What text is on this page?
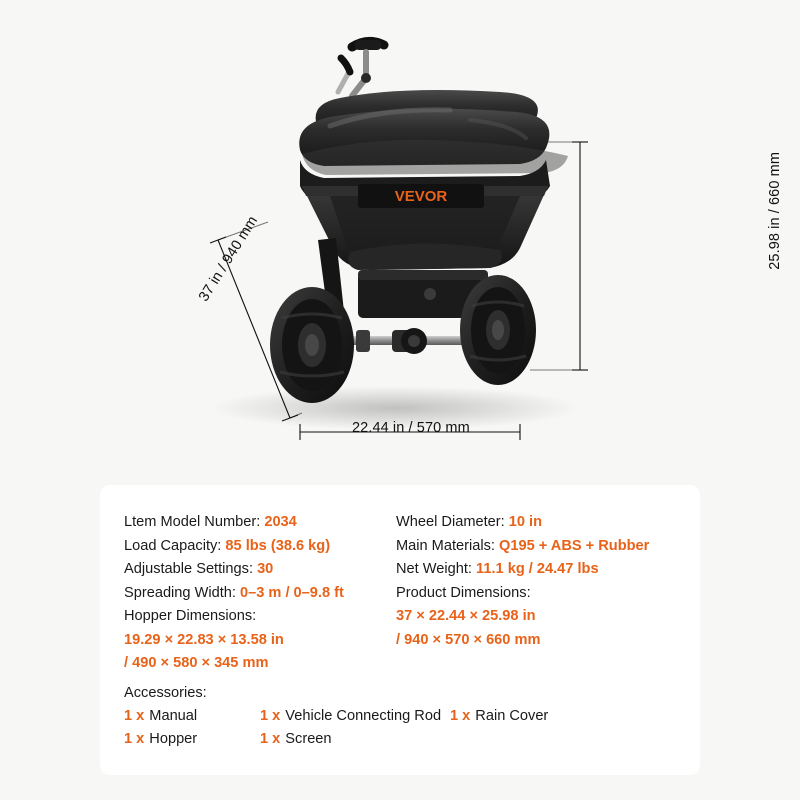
VEVOR	25.98 in / 660 mm
22.44 in / 570 mm
37 in / 940 mm
Ltem Model Number: 2034
Load Capacity: 85 lbs (38.6 kg)
Adjustable Settings: 30
Spreading Width: 0–3 m / 0–9.8 ft
Hopper Dimensions:
19.29 × 22.83 × 13.58 in
/ 490 × 580 × 345 mm
Wheel Diameter: 10 in
Main Materials: Q195 + ABS + Rubber
Net Weight: 11.1 kg / 24.47 lbs
Product Dimensions:
37 × 22.44 × 25.98 in
/ 940 × 570 × 660 mm
Accessories:
1 x Manual	1 x Vehicle Connecting Rod 1 x Rain Cover
1 x Hopper	1 x Screen
